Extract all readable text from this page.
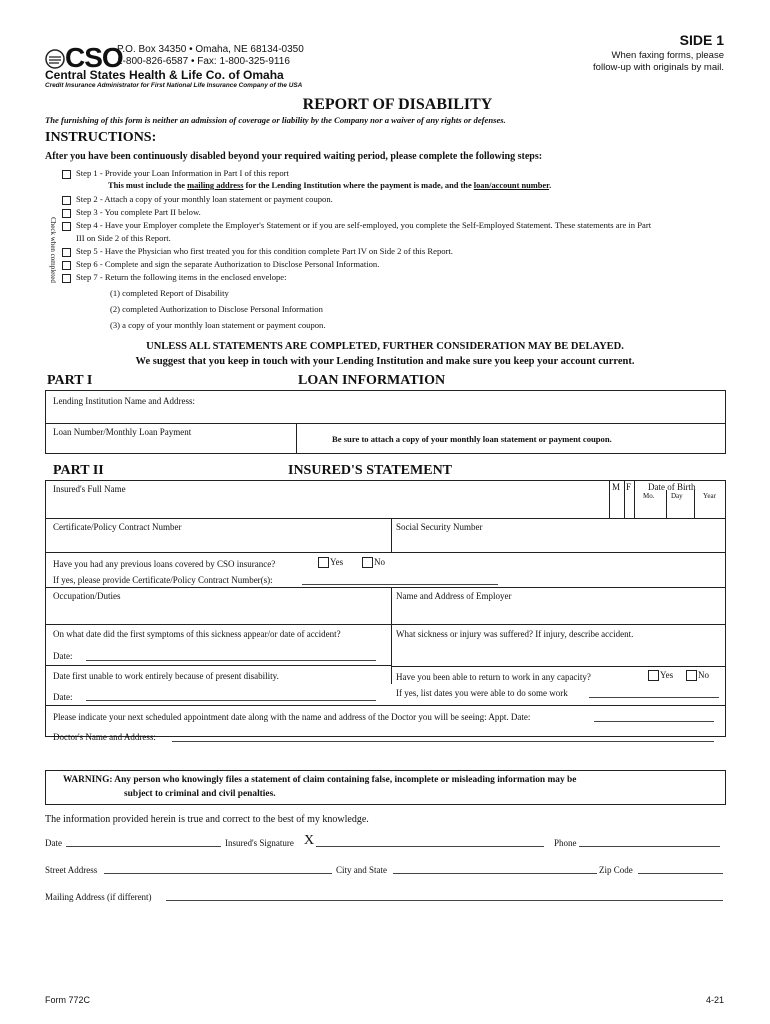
CSO
P.O. Box 34350 • Omaha, NE 68134-0350
1-800-826-6587 • Fax: 1-800-325-9116
Central States Health & Life Co. of Omaha
Credit Insurance Administrator for First National Life Insurance Company of the USA
SIDE 1
When faxing forms, please
follow-up with originals by mail.
REPORT OF DISABILITY
The furnishing of this form is neither an admission of coverage or liability by the Company nor a waiver of any rights or defenses.
INSTRUCTIONS:
After you have been continuously disabled beyond your required waiting period, please complete the following steps:
Check when completed
Step 1 - Provide your Loan Information in Part I of this report
This must include the mailing address for the Lending Institution where the payment is made, and the loan/account number.
Step 2 - Attach a copy of your monthly loan statement or payment coupon.
Step 3 - You complete Part II below.
Step 4 - Have your Employer complete the Employer's Statement or if you are self-employed, you complete the Self-Employed Statement. These statements are in Part
III on Side 2 of this Report.
Step 5 - Have the Physician who first treated you for this condition complete Part IV on Side 2 of this Report.
Step 6 - Complete and sign the separate Authorization to Disclose Personal Information.
Step 7 - Return the following items in the enclosed envelope:
(1) completed Report of Disability
(2) completed Authorization to Disclose Personal Information
(3) a copy of your monthly loan statement or payment coupon.
UNLESS ALL STATEMENTS ARE COMPLETED, FURTHER CONSIDERATION MAY BE DELAYED.
We suggest that you keep in touch with your Lending Institution and make sure you keep your account current.
PART I	LOAN INFORMATION
Lending Institution Name and Address:
Loan Number/Monthly Loan Payment
Be sure to attach a copy of your monthly loan statement or payment coupon.
PART II	INSURED'S STATEMENT
Insured's Full Name	M F Date of Birth
Mo. Day	Year
Certificate/Policy Contract Number	Social Security Number
Have you had any previous loans covered by CSO insurance?	Yes	No
If yes, please provide Certificate/Policy Contract Number(s):
Occupation/Duties	Name and Address of Employer
On what date did the first symptoms of this sickness appear/or date of accident?	What sickness or injury was suffered? If injury, describe accident.
Date:
Date first unable to work entirely because of present disability.
Date:
Have you been able to return to work in any capacity?	Yes	No
If yes, list dates you were able to do some work
Please indicate your next scheduled appointment date along with the name and address of the Doctor you will be seeing: Appt. Date:
Doctor's Name and Address:
WARNING: Any person who knowingly files a statement of claim containing false, incomplete or misleading information may be
subject to criminal and civil penalties.
The information provided herein is true and correct to the best of my knowledge.
Date	Insured's Signature X	Phone
Street Address	City and State	Zip Code
Mailing Address (if different)
Form 772C	4-21
